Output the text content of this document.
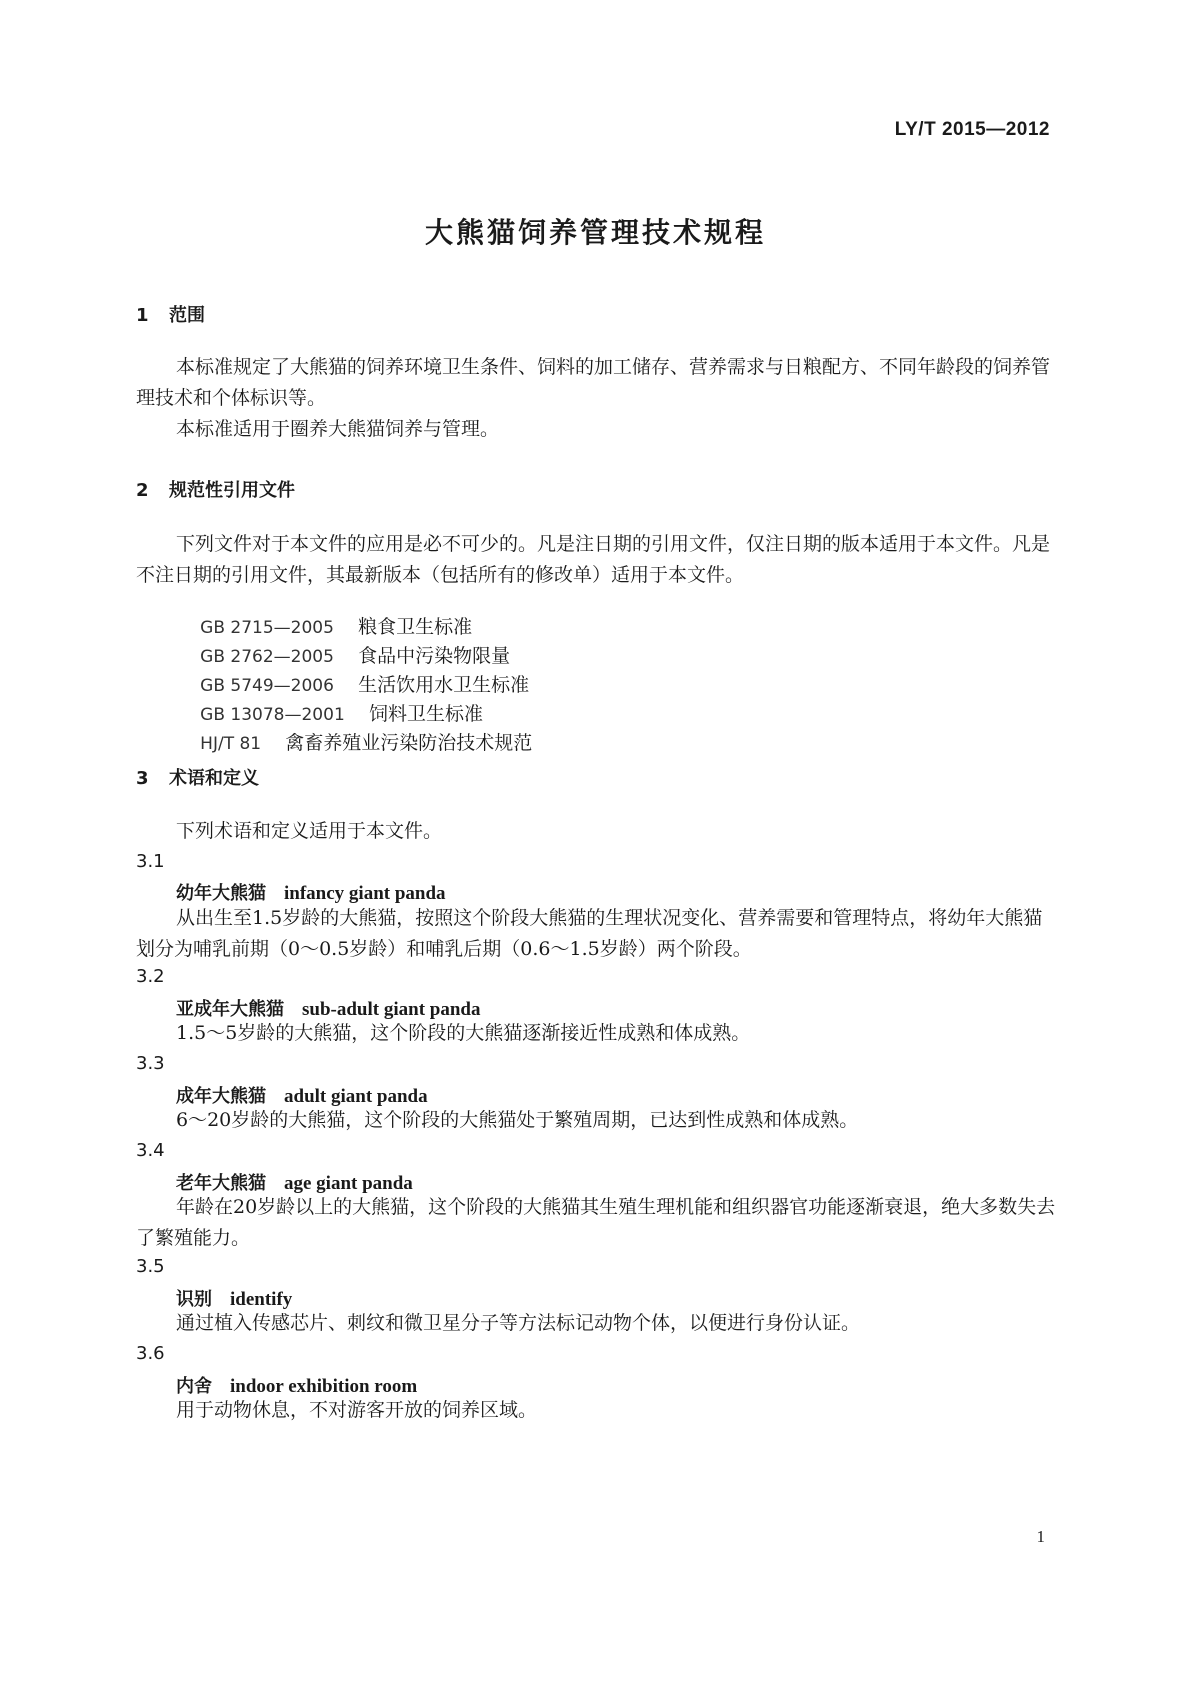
LY/T 2015—2012
大熊猫饲养管理技术规程
1 范围
本标准规定了大熊猫的饲养环境卫生条件、饲料的加工储存、营养需求与日粮配方、不同年龄段的饲养管理技术和个体标识等。
本标准适用于圈养大熊猫饲养与管理。
2 规范性引用文件
下列文件对于本文件的应用是必不可少的。凡是注日期的引用文件，仅注日期的版本适用于本文件。凡是不注日期的引用文件，其最新版本（包括所有的修改单）适用于本文件。

GB 2715—2005 粮食卫生标准

GB 2762—2005 食品中污染物限量

GB 5749—2006 生活饮用水卫生标准

GB 13078—2001 饲料卫生标准

HJ/T 81 禽畜养殖业污染防治技术规范

3 术语和定义
下列术语和定义适用于本文件。
3.1
幼年大熊猫 infancy giant panda
从出生至1.5岁龄的大熊猫，按照这个阶段大熊猫的生理状况变化、营养需要和管理特点，将幼年大熊猫划分为哺乳前期（0～0.5岁龄）和哺乳后期（0.6～1.5岁龄）两个阶段。
3.2
亚成年大熊猫 sub-adult giant panda
1.5～5岁龄的大熊猫，这个阶段的大熊猫逐渐接近性成熟和体成熟。
3.3
成年大熊猫 adult giant panda
6～20岁龄的大熊猫，这个阶段的大熊猫处于繁殖周期，已达到性成熟和体成熟。
3.4
老年大熊猫 age giant panda
年龄在20岁龄以上的大熊猫，这个阶段的大熊猫其生殖生理机能和组织器官功能逐渐衰退，绝大多数失去了繁殖能力。
3.5
识别 identify
通过植入传感芯片、刺纹和微卫星分子等方法标记动物个体，以便进行身份认证。
3.6
内舍 indoor exhibition room
用于动物休息，不对游客开放的饲养区域。
1
